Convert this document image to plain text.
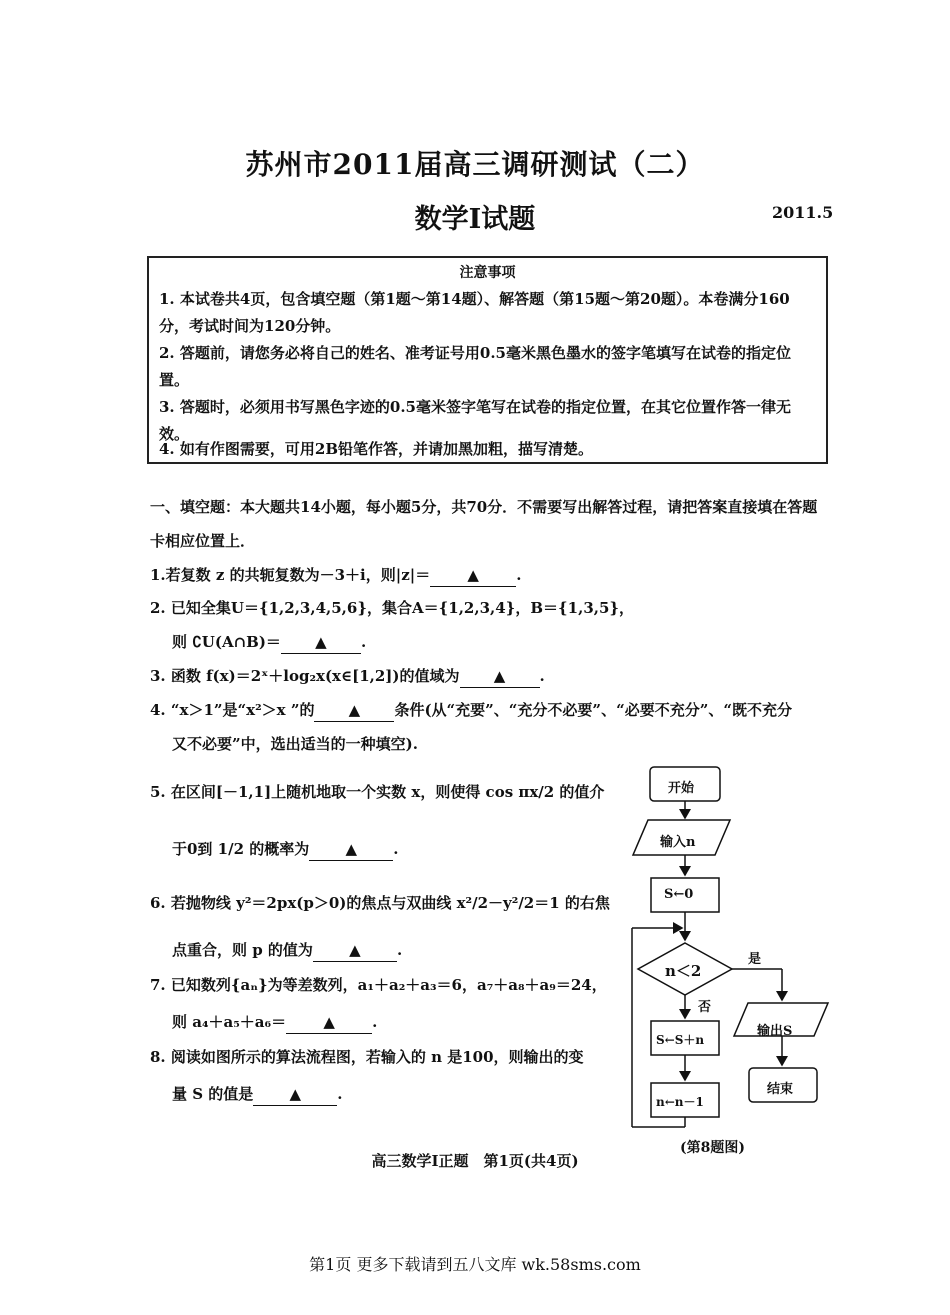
苏州市2011届高三调研测试（二）
数学Ⅰ试题	2011.5
注意事项
1. 本试卷共4页，包含填空题（第1题～第14题）、解答题（第15题～第20题）。本卷满分160分，考试时间为120分钟。
2. 答题前，请您务必将自己的姓名、准考证号用0.5毫米黑色墨水的签字笔填写在试卷的指定位置。
3. 答题时，必须用书写黑色字迹的0.5毫米签字笔写在试卷的指定位置，在其它位置作答一律无效。
4. 如有作图需要，可用2B铅笔作答，并请加黑加粗，描写清楚。
一、填空题：本大题共14小题，每小题5分，共70分．不需要写出解答过程，请把答案直接填在答题卡相应位置上．
1.若复数 z 的共轭复数为－3＋i，则|z|＝ ▲ .
2. 已知全集U＝{1,2,3,4,5,6}，集合A＝{1,2,3,4}，B＝{1,3,5}，
则 ∁U(A∩B)＝ ▲ .
3. 函数 f(x)＝2ˣ＋log₂x(x∈[1,2])的值域为 ▲ .
4. “x＞1”是“x²＞x ”的 ▲ 条件(从“充要”、“充分不必要”、“必要不充分”、“既不充分
又不必要”中，选出适当的一种填空).
5. 在区间[－1,1]上随机地取一个实数 x，则使得 cos πx/2 的值介
于0到 1/2 的概率为 ▲ .
6. 若抛物线 y²＝2px(p＞0)的焦点与双曲线 x²/2－y²/2＝1 的右焦
点重合，则 p 的值为 ▲ .
7. 已知数列{aₙ}为等差数列，a₁＋a₂＋a₃＝6，a₇＋a₈＋a₉＝24，
则 a₄＋a₅＋a₆＝ ▲ .
8. 阅读如图所示的算法流程图，若输入的 n 是100，则输出的变
量 S 的值是 ▲ .
开始
输入n
S←0
n＜2
是
否
S←S＋n
n←n－1
输出S
结束
(第8题图)
高三数学Ⅰ正题　第1页(共4页)
第1页 更多下载请到五八文库 wk.58sms.com
